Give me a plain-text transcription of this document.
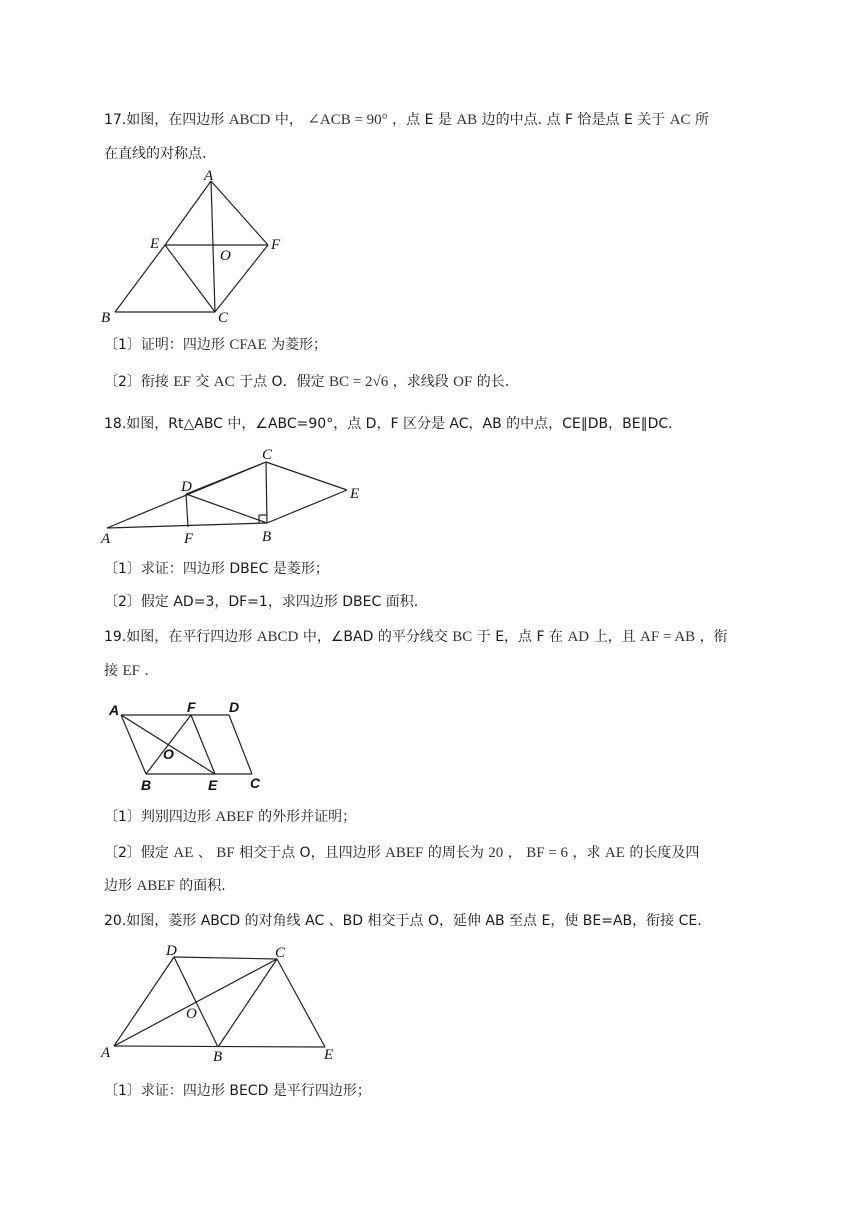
17.如图，在四边形 ABCD 中， ∠ACB = 90° ，点 E 是 AB 边的中点. 点 F 恰是点 E 关于 AC 所
在直线的对称点.
A
E
O
F
B	C
〔1〕证明：四边形 CFAE 为菱形；
〔2〕衔接 EF 交 AC 于点 O．假定 BC = 2√6 ，求线段 OF 的长.
18.如图，Rt△ABC 中，∠ABC=90°，点 D，F 区分是 AC，AB 的中点，CE∥DB，BE∥DC.
C
D	E
A	F	B
〔1〕求证：四边形 DBEC 是菱形；
〔2〕假定 AD=3，DF=1，求四边形 DBEC 面积.
19.如图，在平行四边形 ABCD 中，∠BAD 的平分线交 BC 于 E，点 F 在 AD 上，且 AF = AB ，衔
接 EF .
A	F D
O
B	E C
〔1〕判别四边形 ABEF 的外形并证明；
〔2〕假定 AE 、 BF 相交于点 O，且四边形 ABEF 的周长为 20 ， BF = 6 ，求 AE 的长度及四
边形 ABEF 的面积.
20.如图，菱形 ABCD 的对角线 AC 、BD 相交于点 O，延伸 AB 至点 E，使 BE=AB，衔接 CE.
D	C
O
A	B	E
〔1〕求证：四边形 BECD 是平行四边形；
